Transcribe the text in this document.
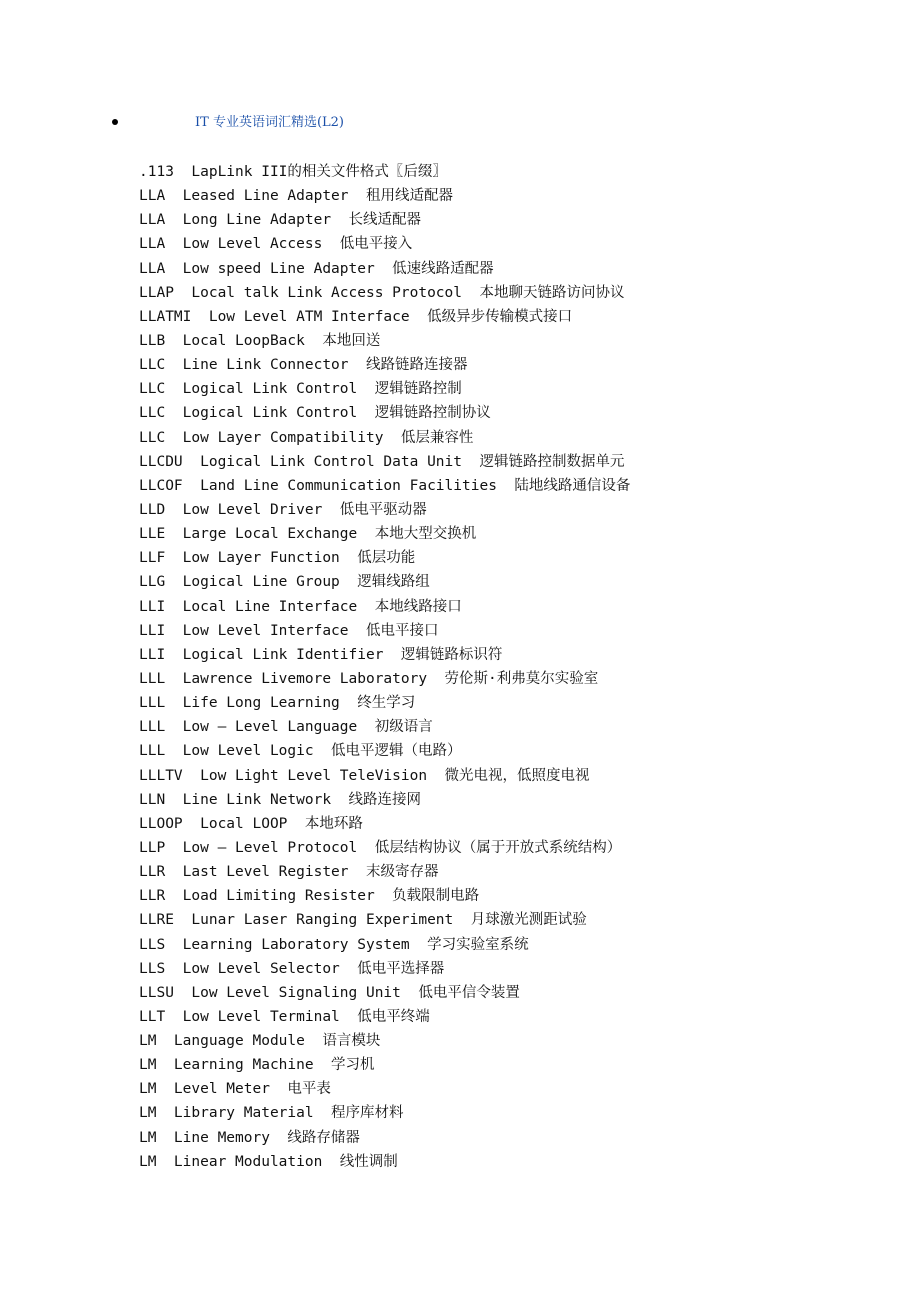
IT 专业英语词汇精选(L2)
.113  LapLink III的相关文件格式〖后缀〗
LLA  Leased Line Adapter  租用线适配器
LLA  Long Line Adapter  长线适配器
LLA  Low Level Access  低电平接入
LLA  Low speed Line Adapter  低速线路适配器
LLAP  Local talk Link Access Protocol  本地聊天链路访问协议
LLATMI  Low Level ATM Interface  低级异步传输模式接口
LLB  Local LoopBack  本地回送
LLC  Line Link Connector  线路链路连接器
LLC  Logical Link Control  逻辑链路控制
LLC  Logical Link Control  逻辑链路控制协议
LLC  Low Layer Compatibility  低层兼容性
LLCDU  Logical Link Control Data Unit  逻辑链路控制数据单元
LLCOF  Land Line Communication Facilities  陆地线路通信设备
LLD  Low Level Driver  低电平驱动器
LLE  Large Local Exchange  本地大型交换机
LLF  Low Layer Function  低层功能
LLG  Logical Line Group  逻辑线路组
LLI  Local Line Interface  本地线路接口
LLI  Low Level Interface  低电平接口
LLI  Logical Link Identifier  逻辑链路标识符
LLL  Lawrence Livemore Laboratory  劳伦斯·利弗莫尔实验室
LLL  Life Long Learning  终生学习
LLL  Low – Level Language  初级语言
LLL  Low Level Logic  低电平逻辑（电路）
LLLTV  Low Light Level TeleVision  微光电视，低照度电视
LLN  Line Link Network  线路连接网
LLOOP  Local LOOP  本地环路
LLP  Low – Level Protocol  低层结构协议（属于开放式系统结构）
LLR  Last Level Register  末级寄存器
LLR  Load Limiting Resister  负载限制电路
LLRE  Lunar Laser Ranging Experiment  月球激光测距试验
LLS  Learning Laboratory System  学习实验室系统
LLS  Low Level Selector  低电平选择器
LLSU  Low Level Signaling Unit  低电平信令装置
LLT  Low Level Terminal  低电平终端
LM  Language Module  语言模块
LM  Learning Machine  学习机
LM  Level Meter  电平表
LM  Library Material  程序库材料
LM  Line Memory  线路存储器
LM  Linear Modulation  线性调制
